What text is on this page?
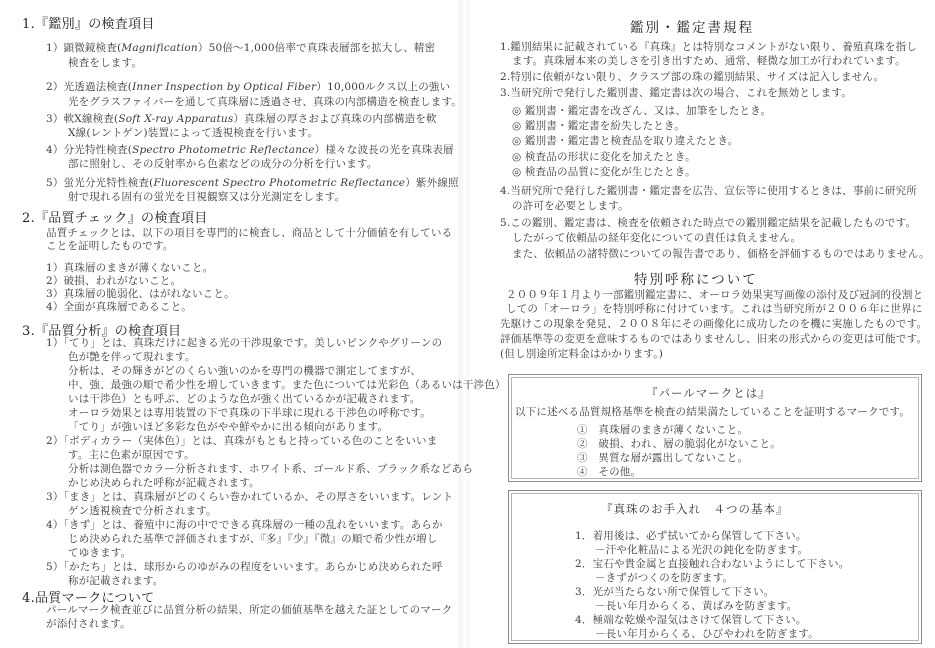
1.『鑑別』の検査項目
1）顕微鏡検査(Magnification）50倍〜1,000倍率で真珠表層部を拡大し、精密
検査をします。
2）光透過法検査(Inner Inspection by Optical Fiber）10,000ルクス以上の強い
光をグラスファイバーを通して真珠層に透過させ、真珠の内部構造を検査します。
3）軟X線検査(Soft X-ray Apparatus）真珠層の厚さおよび真珠の内部構造を軟
X線(レントゲン)装置によって透視検査を行います。
4）分光特性検査(Spectro Photometric Reflectance）様々な波長の光を真珠表層
部に照射し、その反射率から色素などの成分の分析を行います。
5）蛍光分光特性検査(Fluorescent Spectro Photometric Reflectance）紫外線照
射で現れる固有の蛍光を目視観察又は分光測定をします。
2.『品質チェック』の検査項目
品質チェックとは、以下の項目を専門的に検査し、商品として十分価値を有している
ことを証明したものです。
1）真珠層のまきが薄くないこと。
2）破損、われがないこと。
3）真珠層の脆弱化、はがれないこと。
4）全面が真珠層であること。
3.『品質分析』の検査項目
1）「てり」とは、真珠だけに起きる光の干渉現象です。美しいピンクやグリーンの
色が艶を伴って現れます。
分析は、その輝きがどのくらい強いのかを専門の機器で測定してますが、
中、強、最強の順で希少性を増していきます。また色については光彩色（あるいは干渉色）
いは干渉色）とも呼ぶ、どのような色が強く出ているかが記載されます。
オーロラ効果とは専用装置の下で真珠の下半球に現れる干渉色の呼称です。
「てり」が強いほど多彩な色がやや鮮やかに出る傾向があります。
2）「ボディカラー（実体色）」とは、真珠がもともと持っている色のことをいいま
す。主に色素が原因です。
分析は測色器でカラー分析されます、ホワイト系、ゴールド系、ブラック系などあら
かじめ決められた呼称が記載されます。
3）「まき」とは、真珠層がどのくらい巻かれているか、その厚さをいいます。レント
ゲン透視検査で分析されます。
4）「きず」とは、養殖中に海の中でできる真珠層の一種の乱れをいいます。あらか
じめ決められた基準で評価されますが、『多』『少』『微』の順で希少性が増し
てゆきます。
5）「かたち」とは、球形からのゆがみの程度をいいます。あらかじめ決められた呼
称が記載されます。
4.品質マークについて
パールマーク検査並びに品質分析の結果、所定の価値基準を越えた証としてのマーク
が添付されます。
鑑別・鑑定書規程
1.鑑別結果に記載されている『真珠』とは特別なコメントがない限り、養殖真珠を指し
ます。真珠層本来の美しさを引き出すため、通常、軽微な加工が行われています。
2.特別に依頼がない限り、クラスプ部の珠の鑑別結果、サイズは記入しません。
3.当研究所で発行した鑑別書、鑑定書は次の場合、これを無効とします。
◎ 鑑別書・鑑定書を改ざん、又は、加筆をしたとき。
◎ 鑑別書・鑑定書を紛失したとき。
◎ 鑑別書・鑑定書と検査品を取り違えたとき。
◎ 検査品の形状に変化を加えたとき。
◎ 検査品の品質に変化が生じたとき。
4.当研究所で発行した鑑別書・鑑定書を広告、宣伝等に使用するときは、事前に研究所
の許可を必要とします。
5.この鑑別、鑑定書は、検査を依頼された時点での鑑別鑑定結果を記載したものです。
したがって依頼品の経年変化についての責任は負えません。
また、依頼品の諸特徴についての報告書であり、価格を評価するものではありません。
特別呼称について
２００９年１月より一部鑑別鑑定書に、オーロラ効果実写画像の添付及び冠詞的役割と
しての「オーロラ」を特別呼称に付けています。これは当研究所が２００６年に世界に
先駆けこの現象を発見、２００８年にその画像化に成功したのを機に実施したものです。
評価基準等の変更を意味するものではありませんし、旧来の形式からの変更は可能です。
(但し別途所定料金はかかります。)
『パールマークとは』
以下に述べる品質規格基準を検査の結果満たしていることを証明するマークです。
①　 真珠層のまきが薄くないこと。
②　 破損、われ、層の脆弱化がないこと。
③　 異質な層が露出してないこと。
④　 その他。
『真珠のお手入れ　４つの基本』
1．着用後は、必ず拭いてから保管して下さい。
－汗や化粧品による光沢の鈍化を防ぎます。
2．宝石や貴金属と直接触れ合わないようにして下さい。
－きずがつくのを防ぎます。
3．光が当たらない所で保管して下さい。
－長い年月からくる、黄ばみを防ぎます。
4．極端な乾燥や湿気はさけて保管して下さい。
－長い年月からくる、ひびやわれを防ぎます。
